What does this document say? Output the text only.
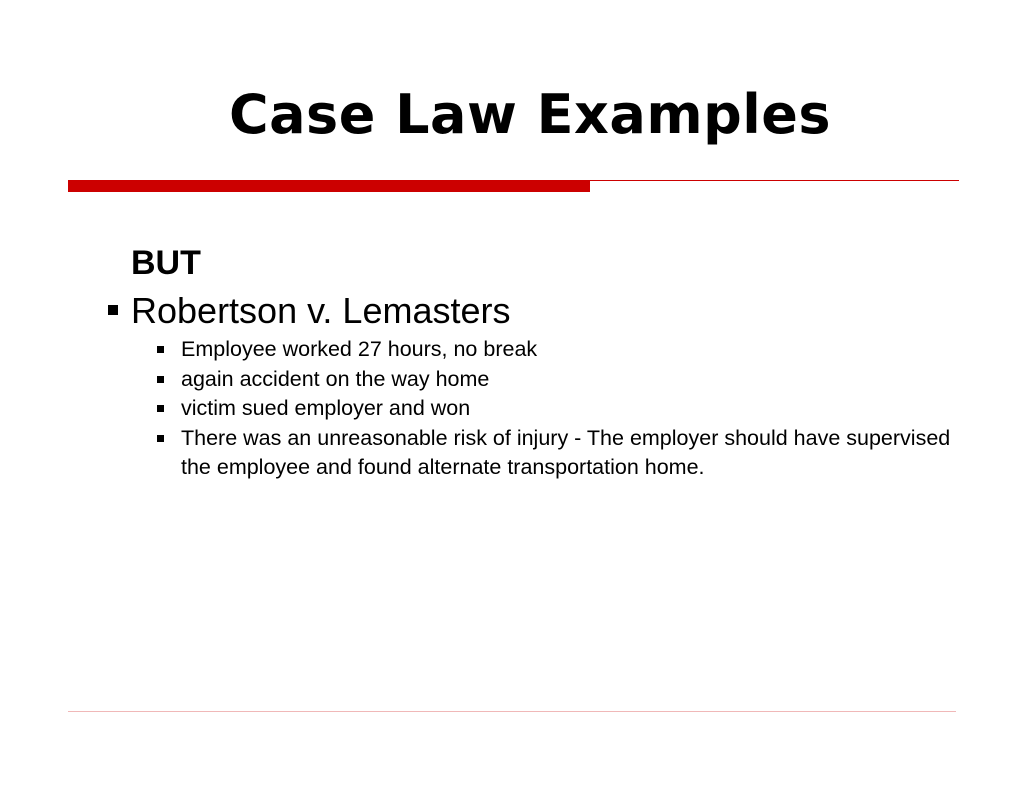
Case Law Examples

BUT

Robertson v. Lemasters
Employee worked 27 hours, no break
again accident on the way home
victim sued employer and won
There was an unreasonable risk of injury - The employer should have supervised the employee and found alternate transportation home.
